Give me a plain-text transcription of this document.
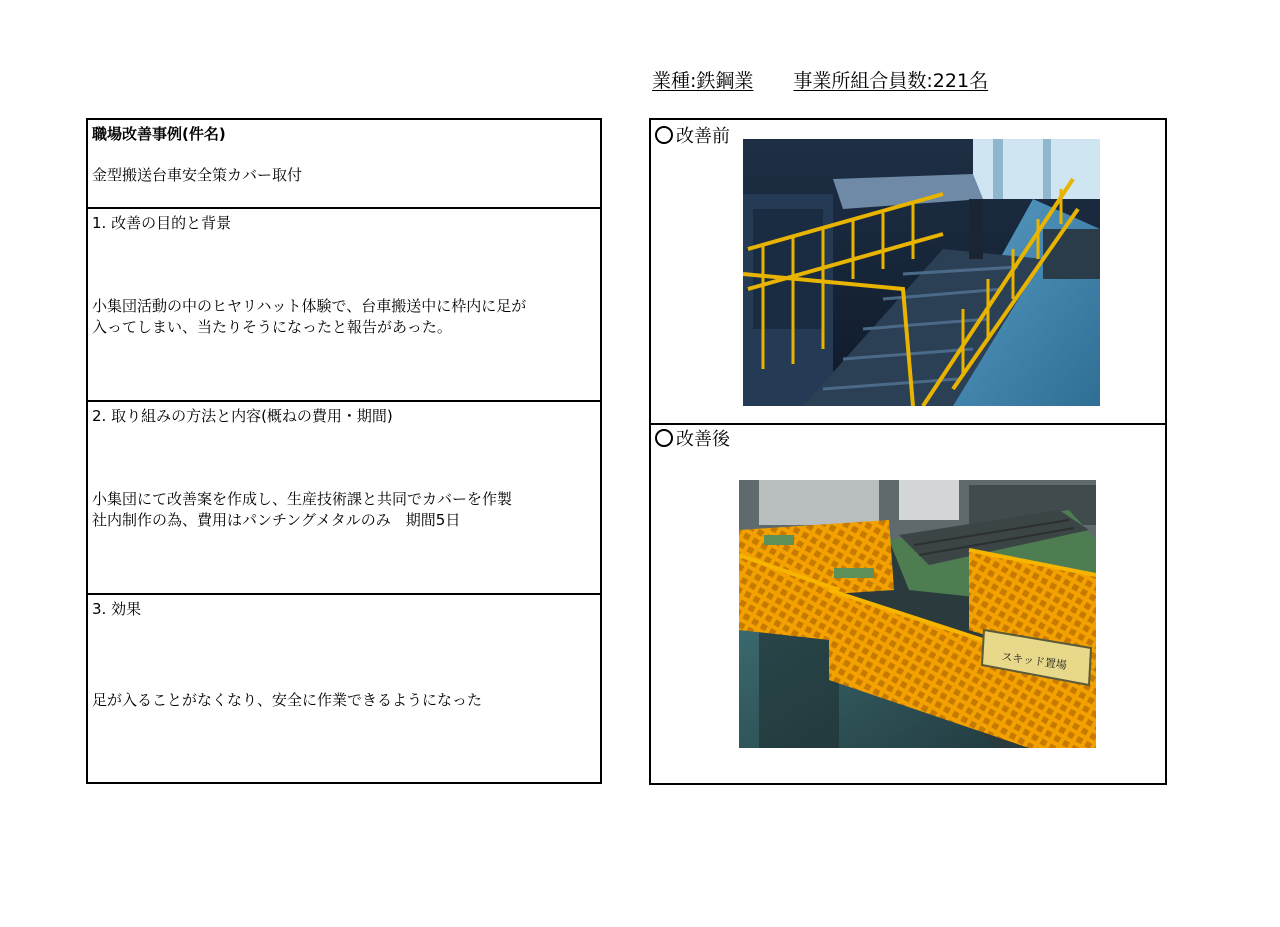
業種:鉄鋼業 事業所組合員数:221名
職場改善事例(件名)
金型搬送台車安全策カバー取付
1. 改善の目的と背景
小集団活動の中のヒヤリハット体験で、台車搬送中に枠内に足が
入ってしまい、当たりそうになったと報告があった。
2. 取り組みの方法と内容(概ねの費用・期間)
小集団にて改善案を作成し、生産技術課と共同でカバーを作製
社内制作の為、費用はパンチングメタルのみ　期間5日
3. 効果
足が入ることがなくなり、安全に作業できるようになった
改善前
改善後
スキッド置場
